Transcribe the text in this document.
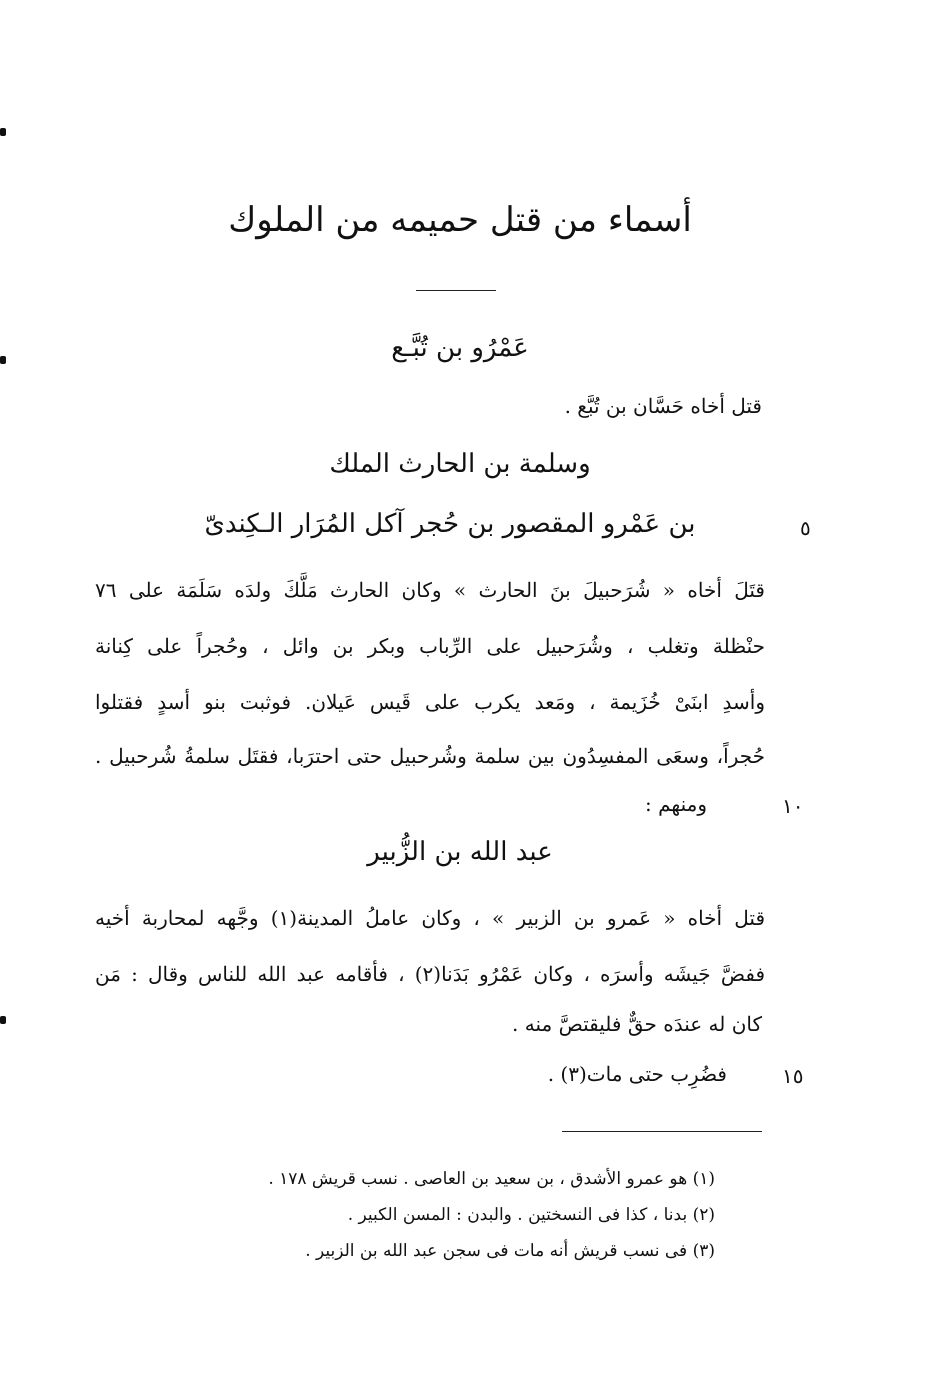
أسماء من قتل حميمه من الملوك
عَمْرُو بن تُبَّـع
قتل أخاه حَسَّان بن تُبَّع .
وسلمة بن الحارث الملك
بن عَمْرو المقصور بن حُجر آكل المُرَار الـكِندىّ	٥
قتَلَ أخاه « شُرَحبيلَ بنَ الحارث » وكان الحارث مَلَّكَ ولدَه سَلَمَة على ٧٦
حنْظلة وتغلب ، وشُرَحبيل على الرِّباب وبكر بن وائل ، وحُجراً على كِنانة
وأسدِ ابنَىْ خُزَيمة ، ومَعد يكرب على قَيس عَيلان. فوثبت بنو أسدٍ فقتلوا
حُجراً، وسعَى المفسِدُون بين سلمة وشُرحبيل حتى احترَبا، فقتَل سلمةُ شُرحبيل .
ومنهم :	١٠
عبد الله بن الزُّبير
قتل أخاه « عَمرو بن الزبير » ، وكان عاملُ المدينة(١) وجَّهه لمحاربة أخيه
ففضَّ جَيشَه وأسرَه ، وكان عَمْرُو بَدَنا(٢) ، فأقامه عبد الله للناس وقال : مَن
كان له عندَه حقٌّ فليقتصَّ منه .
فضُرِب حتى مات(٣) .	١٥
(١) هو عمرو الأشدق ، بن سعيد بن العاصى . نسب قريش ١٧٨ .
(٢) بدنا ، كذا فى النسختين . والبدن : المسن الكبير .
(٣) فى نسب قريش أنه مات فى سجن عبد الله بن الزبير .
